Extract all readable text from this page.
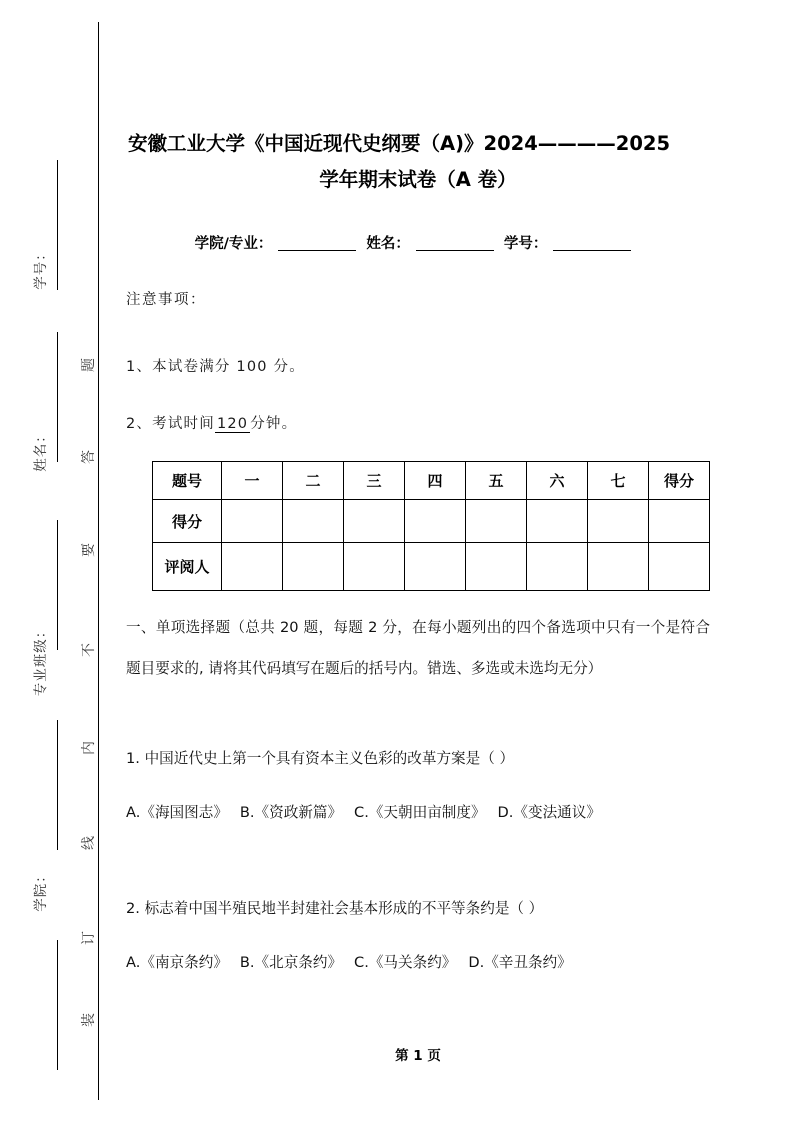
学号：
姓名：
专业班级：
学院：
题
答
要
不
内
线
订
装
安徽工业大学《中国近现代史纲要（A)》2024————2025
学年期末试卷（A 卷）
学院/专业：	姓名：	学号：
注意事项：
1、本试卷满分 100 分。
2、考试时间 120 分钟。
题号	一	二	三	四	五	六	七	得分
得分								
评阅人								
一、单项选择题（总共 20 题，每题 2 分，在每小题列出的四个备选项中只有一个是符合题目要求的, 请将其代码填写在题后的括号内。错选、多选或未选均无分）
1. 中国近代史上第一个具有资本主义色彩的改革方案是（ ）
A.《海国图志》　 B.《资政新篇》　 C.《天朝田亩制度》　 D.《变法通议》
2. 标志着中国半殖民地半封建社会基本形成的不平等条约是（ ）
A.《南京条约》　 B.《北京条约》　 C.《马关条约》　 D.《辛丑条约》
第 1 页
